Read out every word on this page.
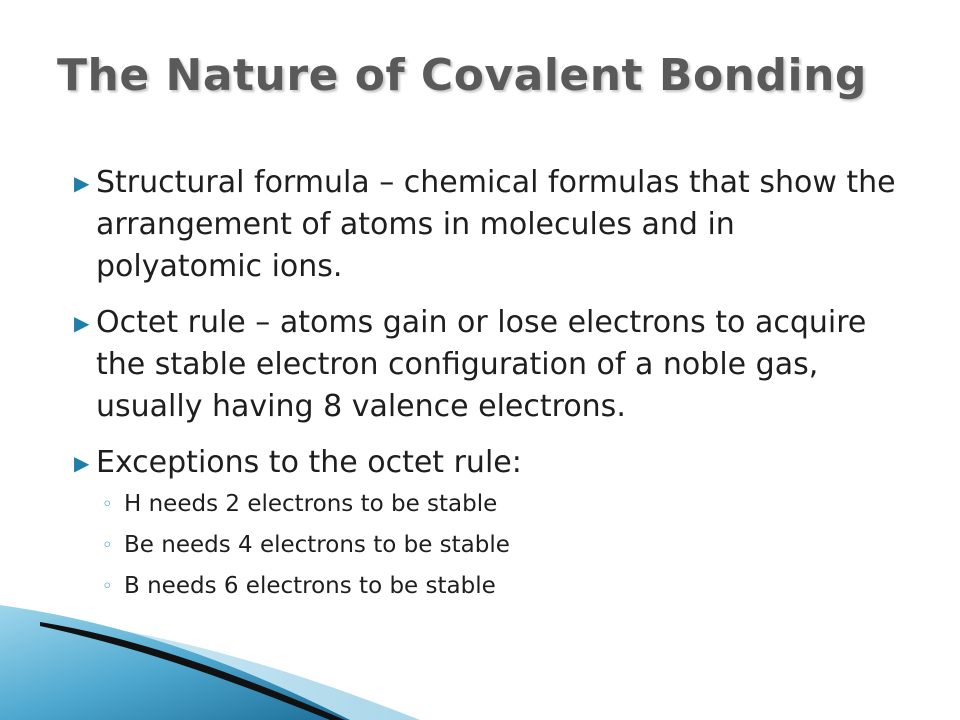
The Nature of Covalent Bonding
▶ Structural formula – chemical formulas that show the arrangement of atoms in molecules and in polyatomic ions.
▶ Octet rule – atoms gain or lose electrons to acquire the stable electron configuration of a noble gas, usually having 8 valence electrons.
▶ Exceptions to the octet rule:
◦ H needs 2 electrons to be stable
◦ Be needs 4 electrons to be stable
◦ B needs 6 electrons to be stable
